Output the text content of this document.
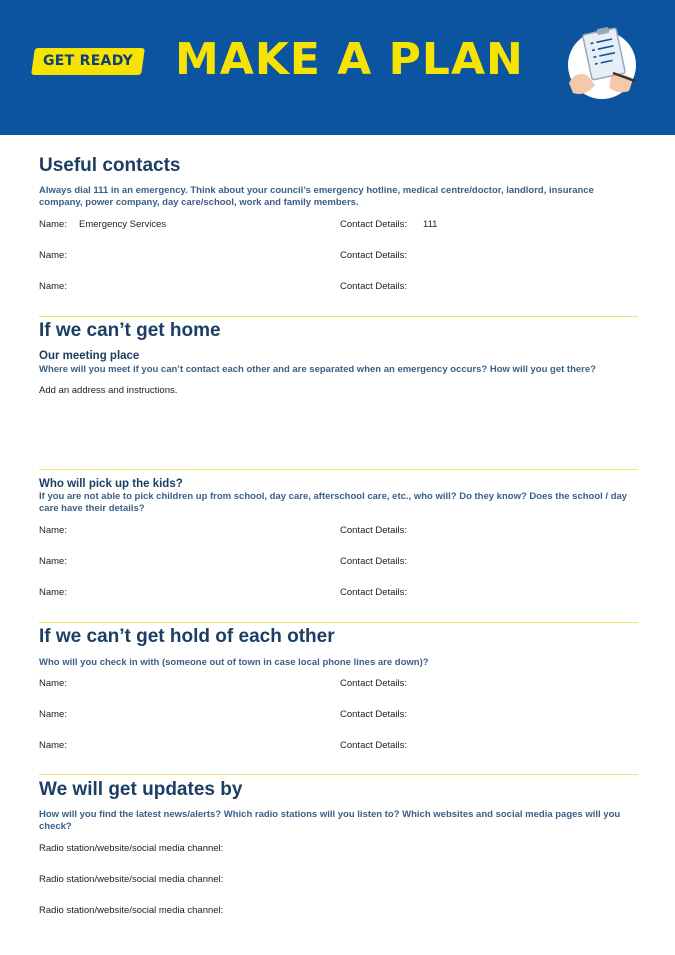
GET READY MAKE A PLAN
Useful contacts

Always dial 111 in an emergency. Think about your council’s emergency hotline, medical centre/doctor, landlord, insurance company, power company, day care/school, work and family members.

Name: Emergency Services	Contact Details: 111
Name:	Contact Details:
Name:	Contact Details:
If we can’t get home
Our meeting place

Where will you meet if you can’t contact each other and are separated when an emergency occurs? How will you get there?

Add an address and instructions.
Who will pick up the kids?

If you are not able to pick children up from school, day care, afterschool care, etc., who will? Do they know? Does the school / day care have their details?

Name:	Contact Details:
Name:	Contact Details:
Name:	Contact Details:
If we can’t get hold of each other

Who will you check in with (someone out of town in case local phone lines are down)?

Name:	Contact Details:
Name:	Contact Details:
Name:	Contact Details:
We will get updates by

How will you find the latest news/alerts? Which radio stations will you listen to? Which websites and social media pages will you check?

Radio station/website/social media channel:
Radio station/website/social media channel:
Radio station/website/social media channel:
